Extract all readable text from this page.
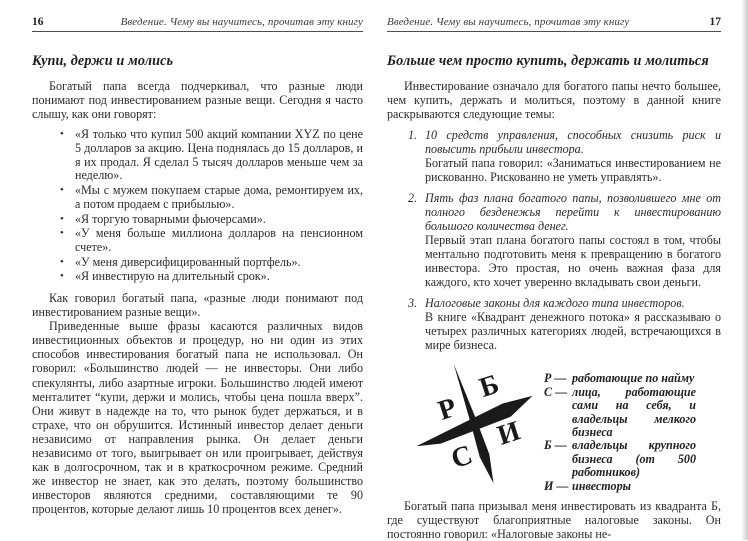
16	Введение. Чему вы научитесь, прочитав эту книгу
Купи, держи и молись

Богатый папа всегда подчеркивал, что разные люди понимают под инвестированием разные вещи. Сегодня я часто слышу, как они говорят:

• «Я только что купил 500 акций компании XYZ по цене 5 долларов за акцию. Цена поднялась до 15 долларов, и я их продал. Я сделал 5 тысяч долларов меньше чем за неделю».
• «Мы с мужем покупаем старые дома, ремонтируем их, а потом продаем с прибылью».
• «Я торгую товарными фьючерсами».
• «У меня больше миллиона долларов на пенсионном счете».
• «У меня диверсифицированный портфель».
• «Я инвестирую на длительный срок».

Как говорил богатый папа, «разные люди понимают под инвестированием разные вещи».

Приведенные выше фразы касаются различных видов инвестиционных объектов и процедур, но ни один из этих способов инвестирования богатый папа не использовал. Он говорил: «Большинство людей — не инвесторы. Они либо спекулянты, либо азартные игроки. Большинство людей имеют менталитет “купи, держи и молись, чтобы цена пошла вверх”. Они живут в надежде на то, что рынок будет держаться, и в страхе, что он обрушится. Истинный инвестор делает деньги независимо от направления рынка. Он делает деньги независимо от того, выигрывает он или проигрывает, действуя как в долгосрочном, так и в краткосрочном режиме. Средний же инвестор не знает, как это делать, поэтому большинство инвесторов являются средними, составляющими те 90 процентов, которые делают лишь 10 процентов всех денег».

Введение. Чему вы научитесь, прочитав эту книгу	17
Больше чем просто купить, держать и молиться

Инвестирование означало для богатого папы нечто большее, чем купить, держать и молиться, поэтому в данной книге раскрываются следующие темы:

1. 10 средств управления, способных снизить риск и повысить прибыли инвестора.

Богатый папа говорил: «Заниматься инвестированием не рискованно. Рискованно не уметь управлять».

2. Пять фаз плана богатого папы, позволившего мне от полного безденежья перейти к инвестированию большого количества денег.

Первый этап плана богатого папы состоял в том, чтобы ментально подготовить меня к превращению в богатого инвестора. Это простая, но очень важная фаза для каждого, кто хочет уверенно вкладывать свои деньги.

3. Налоговые законы для каждого типа инвесторов.

В книге «Квадрант денежного потока» я рассказываю о четырех различных категориях людей, встречающихся в мире бизнеса.

Р
Б
С
И
Р — работающие по найму
С — лица, работающие сами на себя, и владельцы мелкого бизнеса
Б — владельцы крупного бизнеса (от 500 работников)
И — инвесторы

Богатый папа призывал меня инвестировать из квадранта Б, где существуют благоприятные налоговые законы. Он постоянно говорил: «Налоговые законы не-
